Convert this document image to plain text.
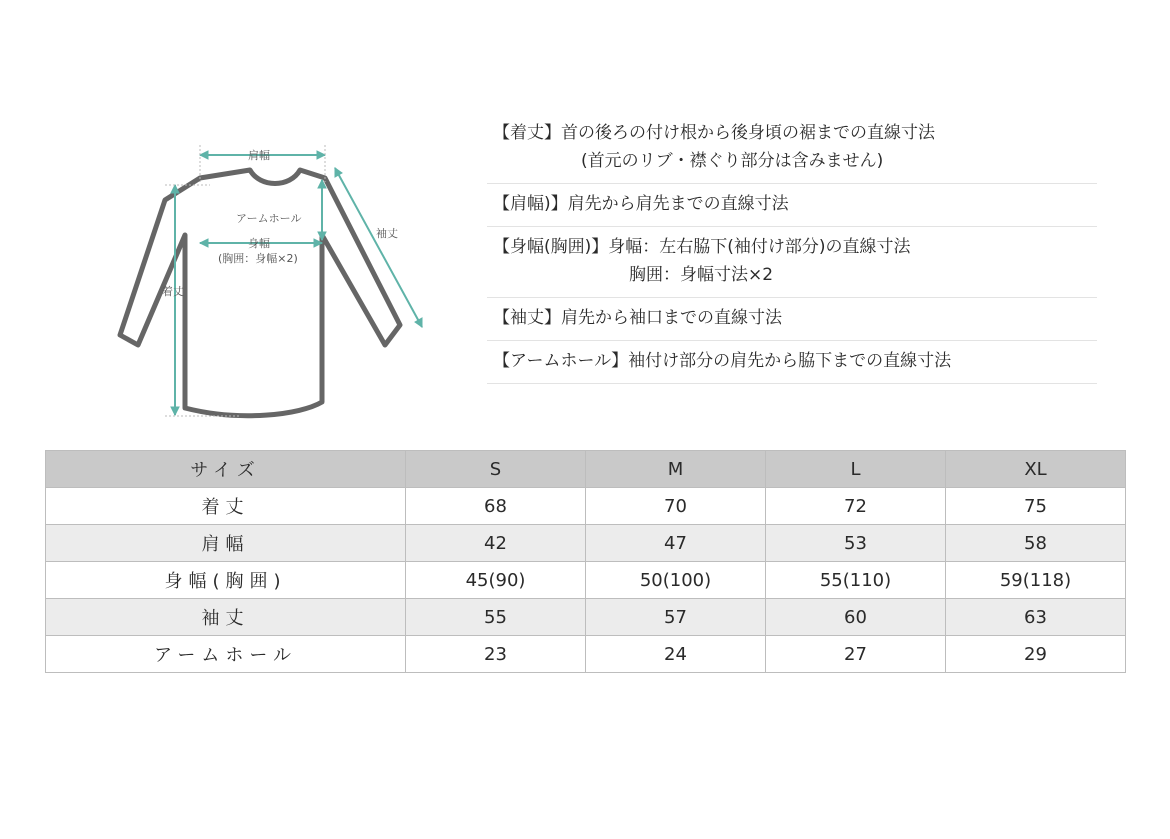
肩幅
アームホール
身幅
(胸囲：身幅×2)
着丈
袖丈
【着丈】首の後ろの付け根から後身頃の裾までの直線寸法
(首元のリブ・襟ぐり部分は含みません)
【肩幅)】肩先から肩先までの直線寸法
【身幅(胸囲)】身幅：左右脇下(袖付け部分)の直線寸法
胸囲：身幅寸法×2
【袖丈】肩先から袖口までの直線寸法
【アームホール】袖付け部分の肩先から脇下までの直線寸法
サイズ	S	M	L	XL
着丈	68	70	72	75
肩幅	42	47	53	58
身幅(胸囲)	45(90)	50(100)	55(110)	59(118)
袖丈	55	57	60	63
アームホール	23	24	27	29
